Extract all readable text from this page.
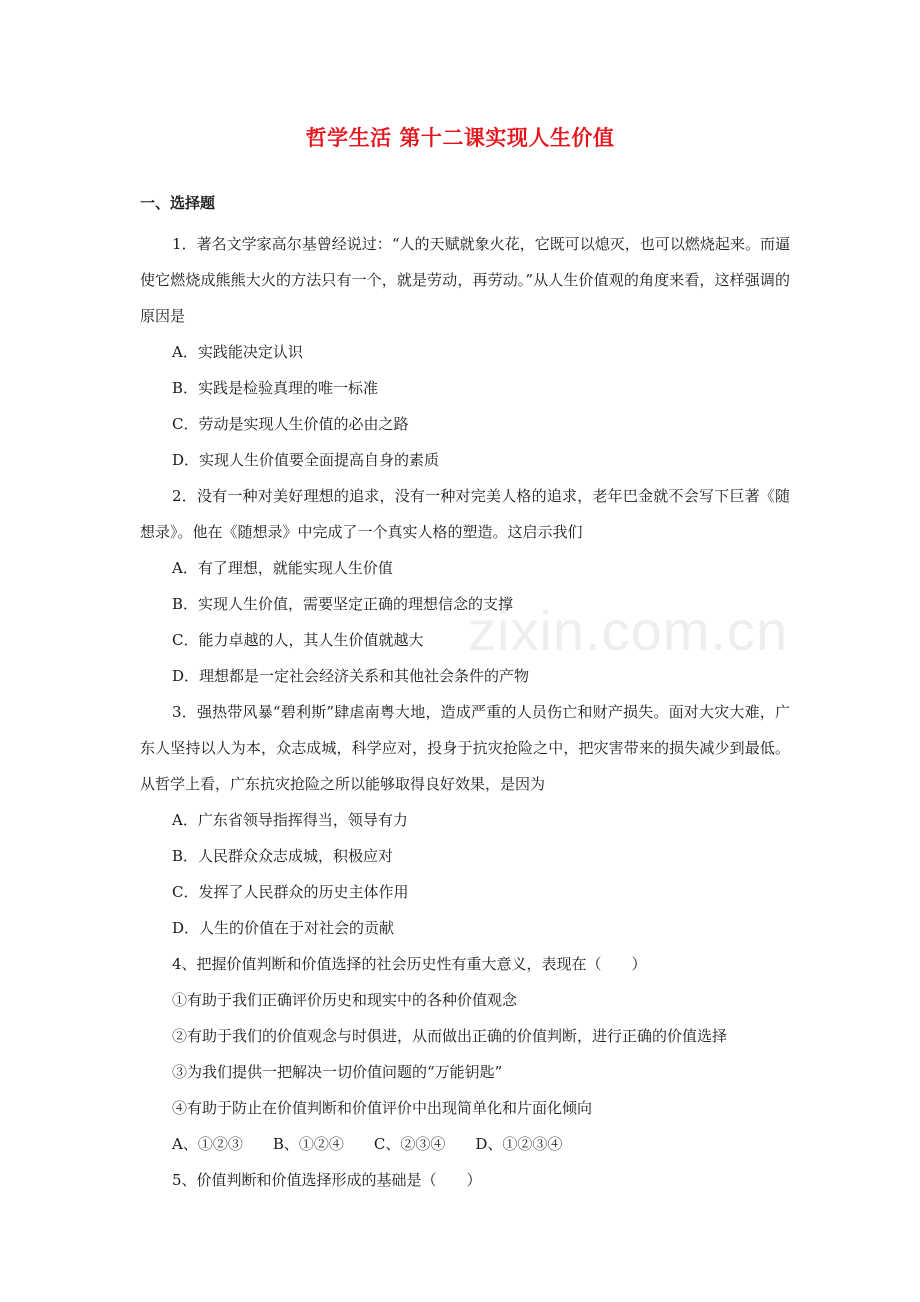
哲学生活 第十二课实现人生价值
一、选择题

1．著名文学家高尔基曾经说过：“人的天赋就象火花，它既可以熄灭，也可以燃烧起来。而逼使它燃烧成熊熊大火的方法只有一个，就是劳动，再劳动。”从人生价值观的角度来看，这样强调的原因是

A．实践能决定认识

B．实践是检验真理的唯一标准

C．劳动是实现人生价值的必由之路

D．实现人生价值要全面提高自身的素质

2．没有一种对美好理想的追求，没有一种对完美人格的追求，老年巴金就不会写下巨著《随想录》。他在《随想录》中完成了一个真实人格的塑造。这启示我们

A．有了理想，就能实现人生价值

B．实现人生价值，需要坚定正确的理想信念的支撑

C．能力卓越的人，其人生价值就越大

D．理想都是一定社会经济关系和其他社会条件的产物

3．强热带风暴“碧利斯”肆虐南粤大地，造成严重的人员伤亡和财产损失。面对大灾大难，广东人坚持以人为本，众志成城，科学应对，投身于抗灾抢险之中，把灾害带来的损失减少到最低。从哲学上看，广东抗灾抢险之所以能够取得良好效果，是因为

A．广东省领导指挥得当，领导有力

B．人民群众众志成城，积极应对

C．发挥了人民群众的历史主体作用

D．人生的价值在于对社会的贡献

4、把握价值判断和价值选择的社会历史性有重大意义，表现在（　　）

①有助于我们正确评价历史和现实中的各种价值观念

②有助于我们的价值观念与时俱进，从而做出正确的价值判断，进行正确的价值选择

③为我们提供一把解决一切价值问题的“万能钥匙”

④有助于防止在价值判断和价值评价中出现简单化和片面化倾向

A、①②③　　B、①②④　　C、②③④　　D、①②③④

5、价值判断和价值选择形成的基础是（　　）

zixin.com.cn
